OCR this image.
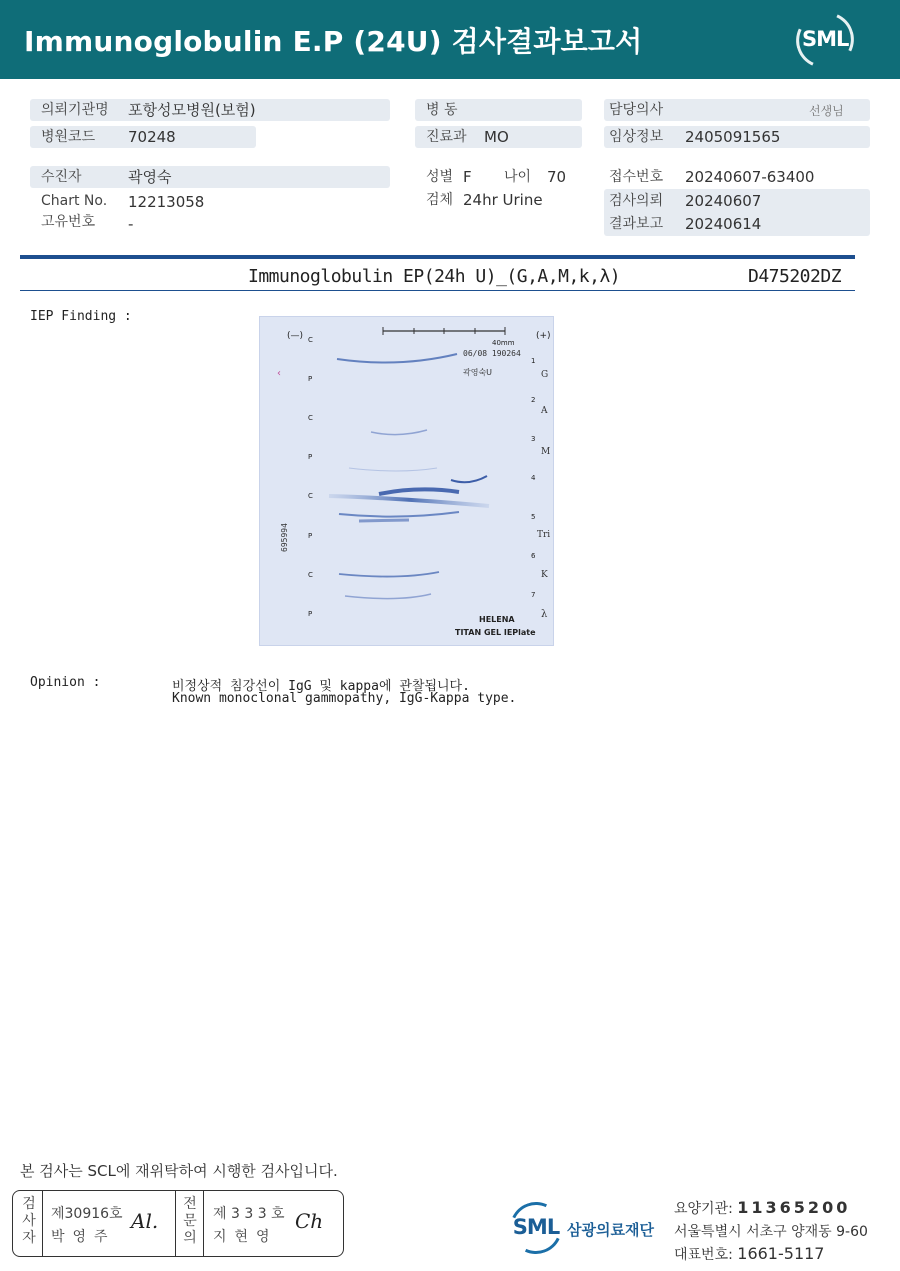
Immunoglobulin E.P (24U) 검사결과보고서	SML
의뢰기관명 포항성모병원(보험)
병원코드 70248
수진자	곽영숙
Chart No. 12213058
고유번호 -
병 동
진료과 MO
성별 F 나이 70
검체 24hr Urine
담당의사	선생님
임상정보 2405091565
접수번호 20240607-63400
검사의뢰 20240607
결과보고 20240614
Immunoglobulin EP(24h U)_(G,A,M,k,λ)	D475202DZ
IEP Finding :
(—)	(+)
40mm
06/08 190264
곽영숙U
695994
‹
C
P
C
P
C
P
C
P
1
2
3
4
5
6
7
G
A
M
Tri
K
λ
HELENA
TITAN GEL IEPlate
Opinion :	비정상적 침강선이 IgG 및 kappa에 관찰됩니다.
Known monoclonal gammopathy, IgG-Kappa type.
본 검사는 SCL에 재위탁하여 시행한 검사입니다.
검
사
자
제30916호
박영주
Al.
전
문
의
제 3 3 3 호
지현영
Ch	SML 삼광의료재단
요양기관: 11365200
서울특별시 서초구 양재동 9-60
대표번호: 1661-5117
